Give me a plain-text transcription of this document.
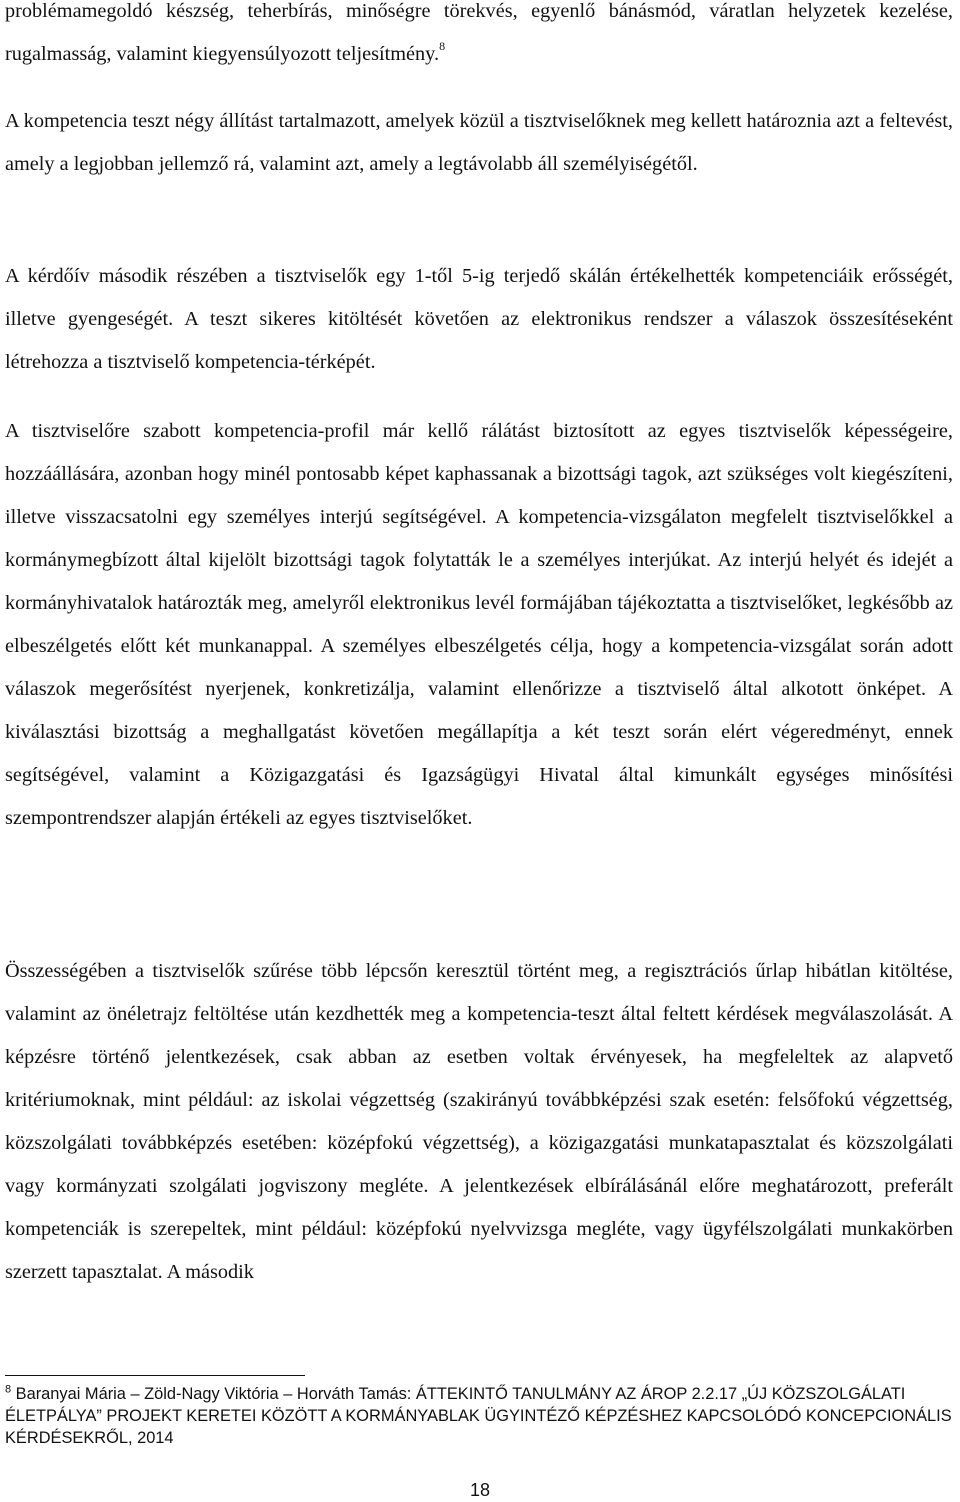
problémamegoldó készség, teherbírás, minőségre törekvés, egyenlő bánásmód, váratlan helyzetek kezelése, rugalmasság, valamint kiegyensúlyozott teljesítmény.$^8$

A kompetencia teszt négy állítást tartalmazott, amelyek közül a tisztviselőknek meg kellett határoznia azt a feltevést, amely a legjobban jellemző rá, valamint azt, amely a legtávolabb áll személyiségétől.

A kérdőív második részében a tisztviselők egy 1-től 5-ig terjedő skálán értékelhették kompetenciáik erősségét, illetve gyengeségét. A teszt sikeres kitöltését követően az elektronikus rendszer a válaszok összesítéseként létrehozza a tisztviselő kompetencia-térképét.

A tisztviselőre szabott kompetencia-profil már kellő rálátást biztosított az egyes tisztviselők képességeire, hozzáállására, azonban hogy minél pontosabb képet kaphassanak a bizottsági tagok, azt szükséges volt kiegészíteni, illetve visszacsatolni egy személyes interjú segítségével. A kompetencia-vizsgálaton megfelelt tisztviselőkkel a kormánymegbízott által kijelölt bizottsági tagok folytatták le a személyes interjúkat. Az interjú helyét és idejét a kormányhivatalok határozták meg, amelyről elektronikus levél formájában tájékoztatta a tisztviselőket, legkésőbb az elbeszélgetés előtt két munkanappal. A személyes elbeszélgetés célja, hogy a kompetencia-vizsgálat során adott válaszok megerősítést nyerjenek, konkretizálja, valamint ellenőrizze a tisztviselő által alkotott önképet. A kiválasztási bizottság a meghallgatást követően megállapítja a két teszt során elért végeredményt, ennek segítségével, valamint a Közigazgatási és Igazságügyi Hivatal által kimunkált egységes minősítési szempontrendszer alapján értékeli az egyes tisztviselőket.

Összességében a tisztviselők szűrése több lépcsőn keresztül történt meg, a regisztrációs űrlap hibátlan kitöltése, valamint az önéletrajz feltöltése után kezdhették meg a kompetencia-teszt által feltett kérdések megválaszolását. A képzésre történő jelentkezések, csak abban az esetben voltak érvényesek, ha megfeleltek az alapvető kritériumoknak, mint például: az iskolai végzettség (szakirányú továbbképzési szak esetén: felsőfokú végzettség, közszolgálati továbbképzés esetében: középfokú végzettség), a közigazgatási munkatapasztalat és közszolgálati vagy kormányzati szolgálati jogviszony megléte. A jelentkezések elbírálásánál előre meghatározott, preferált kompetenciák is szerepeltek, mint például: középfokú nyelvvizsga megléte, vagy ügyfélszolgálati munkakörben szerzett tapasztalat. A második

$^8$ Baranyai Mária – Zöld-Nagy Viktória – Horváth Tamás: ÁTTEKINTŐ TANULMÁNY AZ ÁROP 2.2.17 „ÚJ KÖZSZOLGÁLATI ÉLETPÁLYA” PROJEKT KERETEI KÖZÖTT A KORMÁNYABLAK ÜGYINTÉZŐ KÉPZÉSHEZ KAPCSOLÓDÓ KONCEPCIONÁLIS KÉRDÉSEKRŐL, 2014

18
